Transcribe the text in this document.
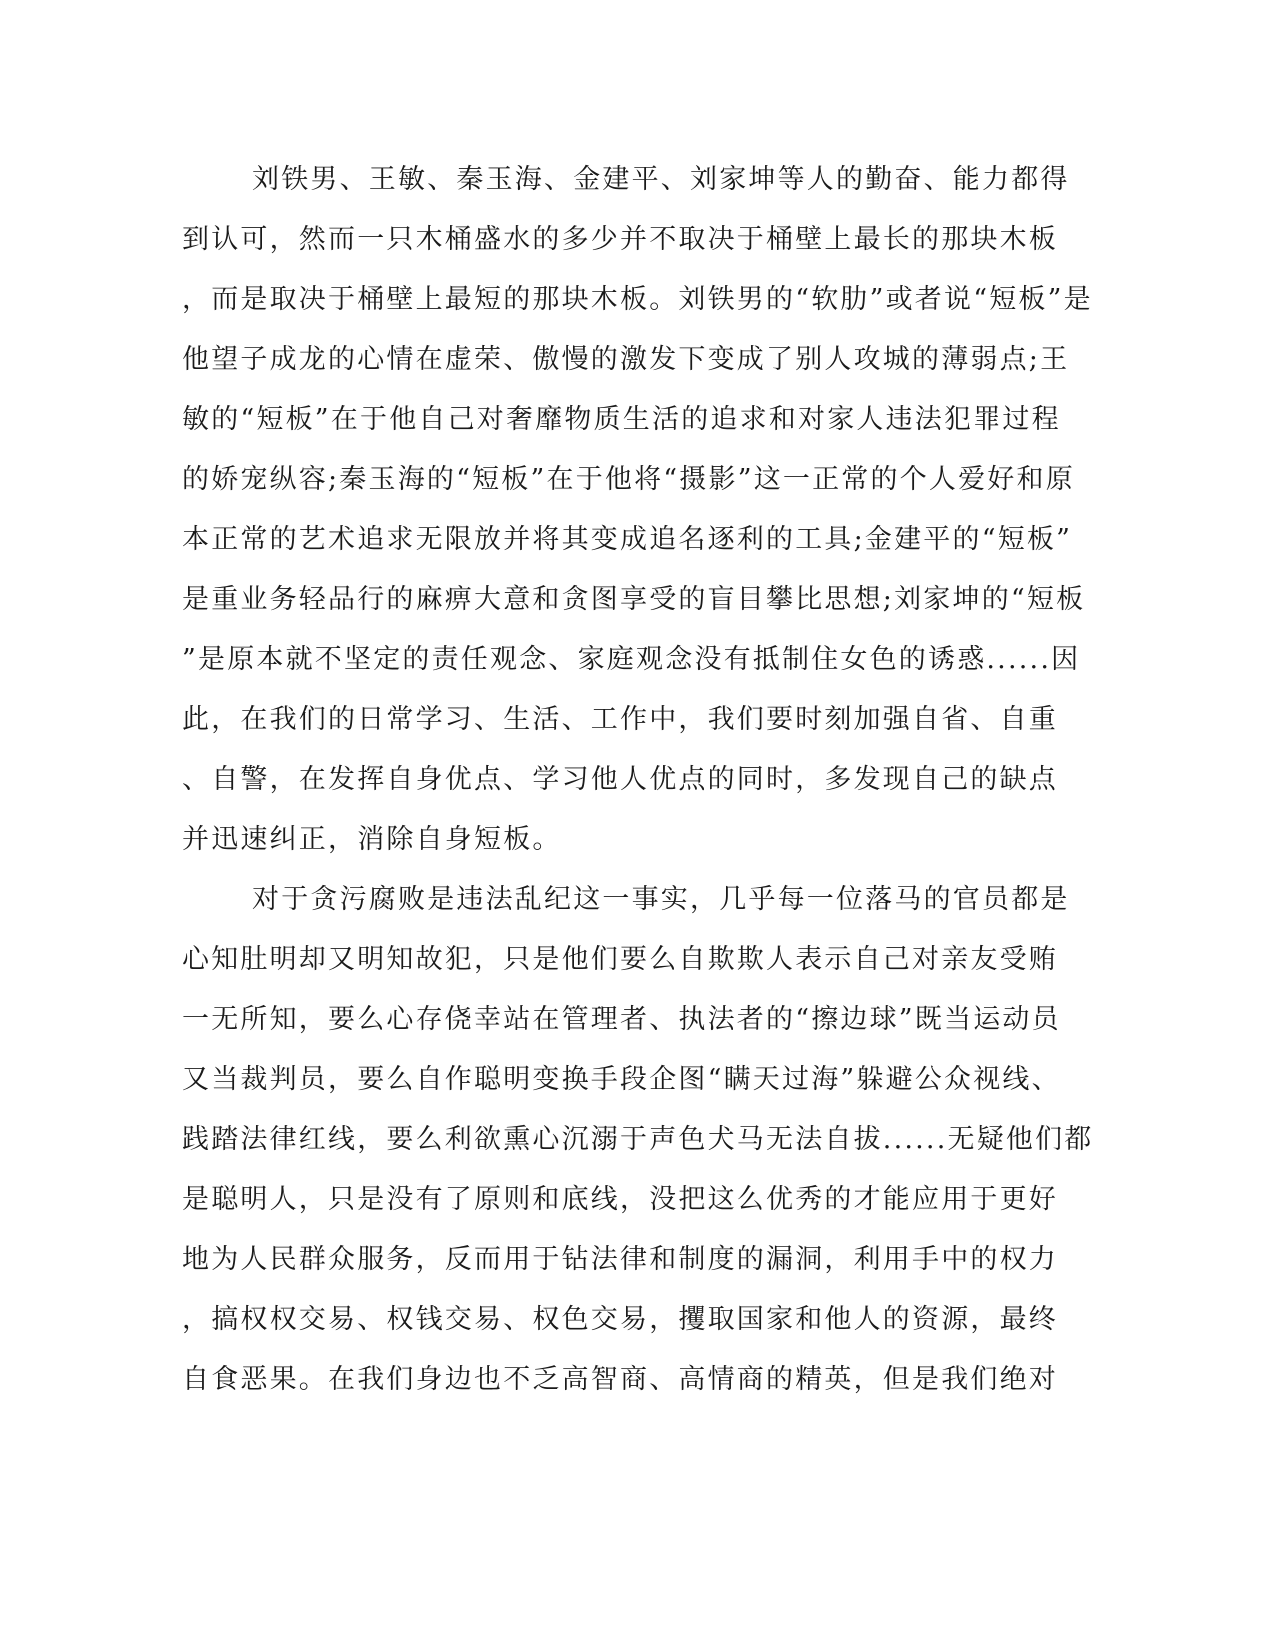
刘铁男、王敏、秦玉海、金建平、刘家坤等人的勤奋、能力都得
到认可，然而一只木桶盛水的多少并不取决于桶壁上最长的那块木板
，而是取决于桶壁上最短的那块木板。刘铁男的“软肋”或者说“短板”是
他望子成龙的心情在虚荣、傲慢的激发下变成了别人攻城的薄弱点;王
敏的“短板”在于他自己对奢靡物质生活的追求和对家人违法犯罪过程
的娇宠纵容;秦玉海的“短板”在于他将“摄影”这一正常的个人爱好和原
本正常的艺术追求无限放并将其变成追名逐利的工具;金建平的“短板”
是重业务轻品行的麻痹大意和贪图享受的盲目攀比思想;刘家坤的“短板
”是原本就不坚定的责任观念、家庭观念没有抵制住女色的诱惑......因
此，在我们的日常学习、生活、工作中，我们要时刻加强自省、自重
、自警，在发挥自身优点、学习他人优点的同时，多发现自己的缺点
并迅速纠正，消除自身短板。
对于贪污腐败是违法乱纪这一事实，几乎每一位落马的官员都是
心知肚明却又明知故犯，只是他们要么自欺欺人表示自己对亲友受贿
一无所知，要么心存侥幸站在管理者、执法者的“擦边球”既当运动员
又当裁判员，要么自作聪明变换手段企图“瞒天过海”躲避公众视线、
践踏法律红线，要么利欲熏心沉溺于声色犬马无法自拔......无疑他们都
是聪明人，只是没有了原则和底线，没把这么优秀的才能应用于更好
地为人民群众服务，反而用于钻法律和制度的漏洞，利用手中的权力
，搞权权交易、权钱交易、权色交易，攫取国家和他人的资源，最终
自食恶果。在我们身边也不乏高智商、高情商的精英，但是我们绝对
